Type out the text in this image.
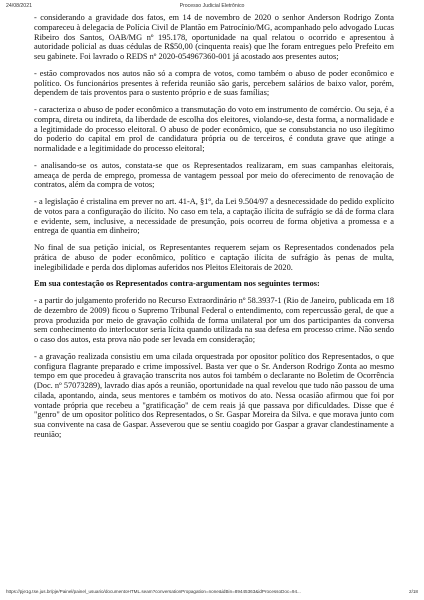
24/08/2021	Processo Judicial Eletrônico

- considerando a gravidade dos fatos, em 14 de novembro de 2020 o senhor Anderson Rodrigo Zonta compareceu à delegacia de Polícia Civil de Plantão em Patrocínio/MG, acompanhado pelo advogado Lucas Ribeiro dos Santos, OAB/MG nº 195.178, oportunidade na qual relatou o ocorrido e apresentou à autoridade policial as duas cédulas de R$50,00 (cinquenta reais) que lhe foram entregues pelo Prefeito em seu gabinete. Foi lavrado o REDS nº 2020-054967360-001 já acostado aos presentes autos;

- estão comprovados nos autos não só a compra de votos, como também o abuso de poder econômico e político. Os funcionários presentes à referida reunião são garis, percebem salários de baixo valor, porém, dependem de tais proventos para o sustento próprio e de suas famílias;

- caracteriza o abuso de poder econômico a transmutação do voto em instrumento de comércio. Ou seja, é a compra, direta ou indireta, da liberdade de escolha dos eleitores, violando-se, desta forma, a normalidade e a legitimidade do processo eleitoral. O abuso de poder econômico, que se consubstancia no uso ilegítimo do poderio do capital em prol de candidatura própria ou de terceiros, é conduta grave que atinge a normalidade e a legitimidade do processo eleitoral;

- analisando-se os autos, constata-se que os Representados realizaram, em suas campanhas eleitorais, ameaça de perda de emprego, promessa de vantagem pessoal por meio do oferecimento de renovação de contratos, além da compra de votos;

- a legislação é cristalina em prever no art. 41-A, §1º, da Lei 9.504/97 a desnecessidade do pedido explícito de votos para a configuração do ilícito. No caso em tela, a captação ilícita de sufrágio se dá de forma clara e evidente, sem, inclusive, a necessidade de presunção, pois ocorreu de forma objetiva a promessa e a entrega de quantia em dinheiro;

No final de sua petição inicial, os Representantes requerem sejam os Representados condenados pela prática de abuso de poder econômico, político e captação ilícita de sufrágio às penas de multa, inelegibilidade e perda dos diplomas auferidos nos Pleitos Eleitorais de 2020.

Em sua contestação os Representados contra-argumentam nos seguintes termos:

- a partir do julgamento proferido no Recurso Extraordinário nº 58.3937-1 (Rio de Janeiro, publicada em 18 de dezembro de 2009) ficou o Supremo Tribunal Federal o entendimento, com repercussão geral, de que a prova produzida por meio de gravação colhida de forma unilateral por um dos participantes da conversa sem conhecimento do interlocutor seria lícita quando utilizada na sua defesa em processo crime. Não sendo o caso dos autos, esta prova não pode ser levada em consideração;

- a gravação realizada consistiu em uma cilada orquestrada por opositor político dos Representados, o que configura flagrante preparado e crime impossível. Basta ver que o Sr. Anderson Rodrigo Zonta ao mesmo tempo em que procedeu à gravação transcrita nos autos foi também o declarante no Boletim de Ocorrência (Doc. nº 57073289), lavrado dias após a reunião, oportunidade na qual revelou que tudo não passou de uma cilada, apontando, ainda, seus mentores e também os motivos do ato. Nessa ocasião afirmou que foi por vontade própria que recebeu a "gratificação" de cem reais já que passava por dificuldades. Disse que é "genro" de um opositor político dos Representados, o Sr. Gaspar Moreira da Silva. e que morava junto com sua convivente na casa de Gaspar. Asseverou que se sentiu coagido por Gaspar a gravar clandestinamente a reunião;

https://pje1g.tse.jus.br/pje/Painel/painel_usuario/documentoHTML.seam?conversationPropagation=none&idBin=89445363&idProcessoDoc=94...	2/18
